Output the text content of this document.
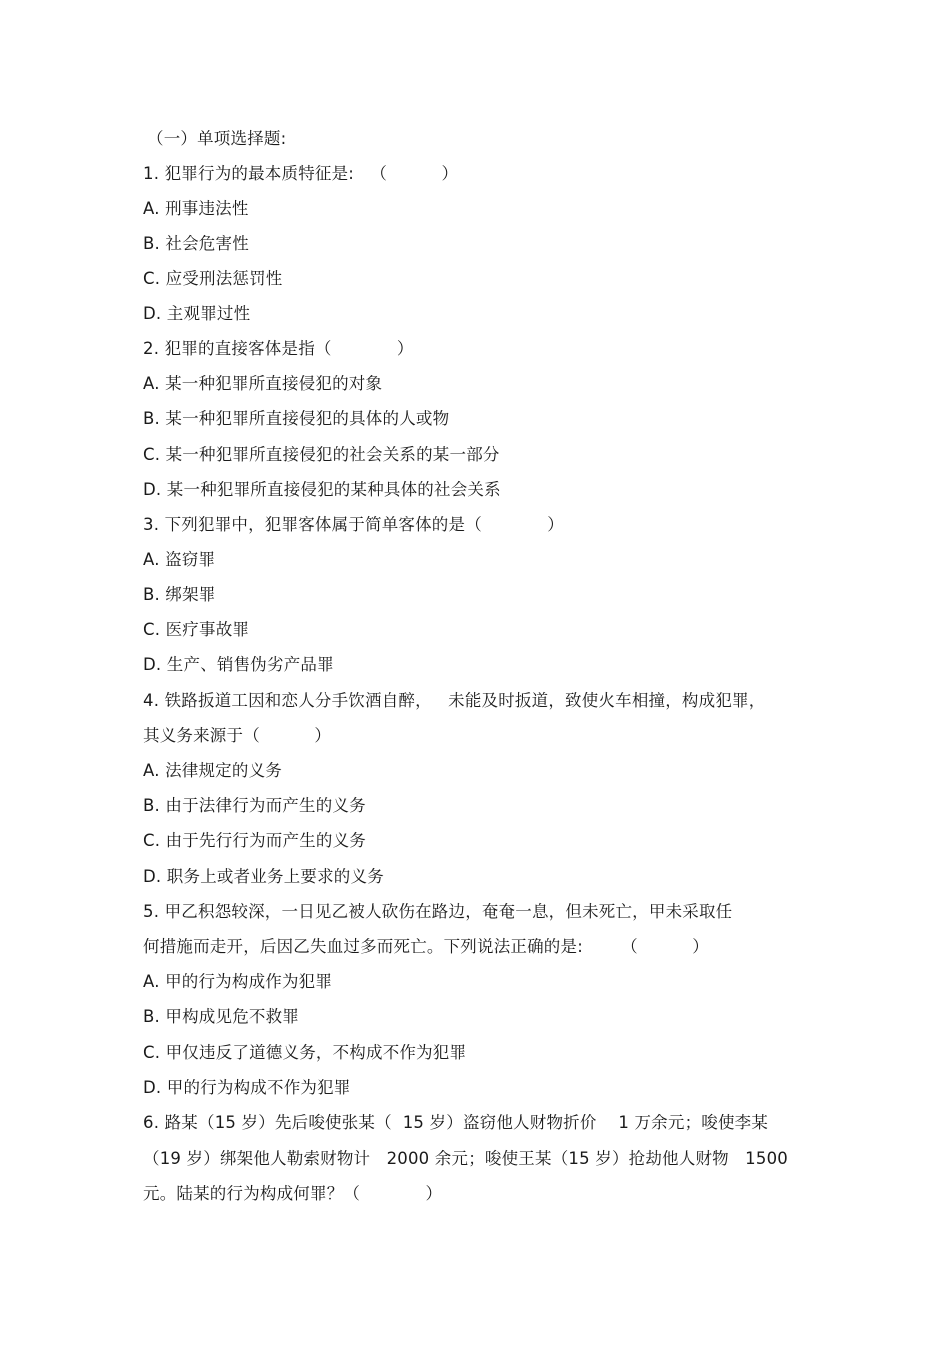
（一）单项选择题:
1. 犯罪行为的最本质特征是:   （          ）
A. 刑事违法性
B. 社会危害性
C. 应受刑法惩罚性
D. 主观罪过性
2. 犯罪的直接客体是指（            ）
A. 某一种犯罪所直接侵犯的对象
B. 某一种犯罪所直接侵犯的具体的人或物
C. 某一种犯罪所直接侵犯的社会关系的某一部分
D. 某一种犯罪所直接侵犯的某种具体的社会关系
3. 下列犯罪中，犯罪客体属于简单客体的是（            ）
A. 盗窃罪
B. 绑架罪
C. 医疗事故罪
D. 生产、销售伪劣产品罪
4. 铁路扳道工因和恋人分手饮酒自醉，   未能及时扳道，致使火车相撞，构成犯罪，
其义务来源于（          ）
A. 法律规定的义务
B. 由于法律行为而产生的义务
C. 由于先行行为而产生的义务
D. 职务上或者业务上要求的义务
5. 甲乙积怨较深，一日见乙被人砍伤在路边，奄奄一息，但未死亡，甲未采取任
何措施而走开，后因乙失血过多而死亡。下列说法正确的是:       （          ）
A. 甲的行为构成作为犯罪
B. 甲构成见危不救罪
C. 甲仅违反了道德义务，不构成不作为犯罪
D. 甲的行为构成不作为犯罪
6. 路某（15 岁）先后唆使张某（  15 岁）盗窃他人财物折价    1 万余元；唆使李某
（19 岁）绑架他人勒索财物计   2000 余元；唆使王某（15 岁）抢劫他人财物   1500
元。陆某的行为构成何罪？（            ）
